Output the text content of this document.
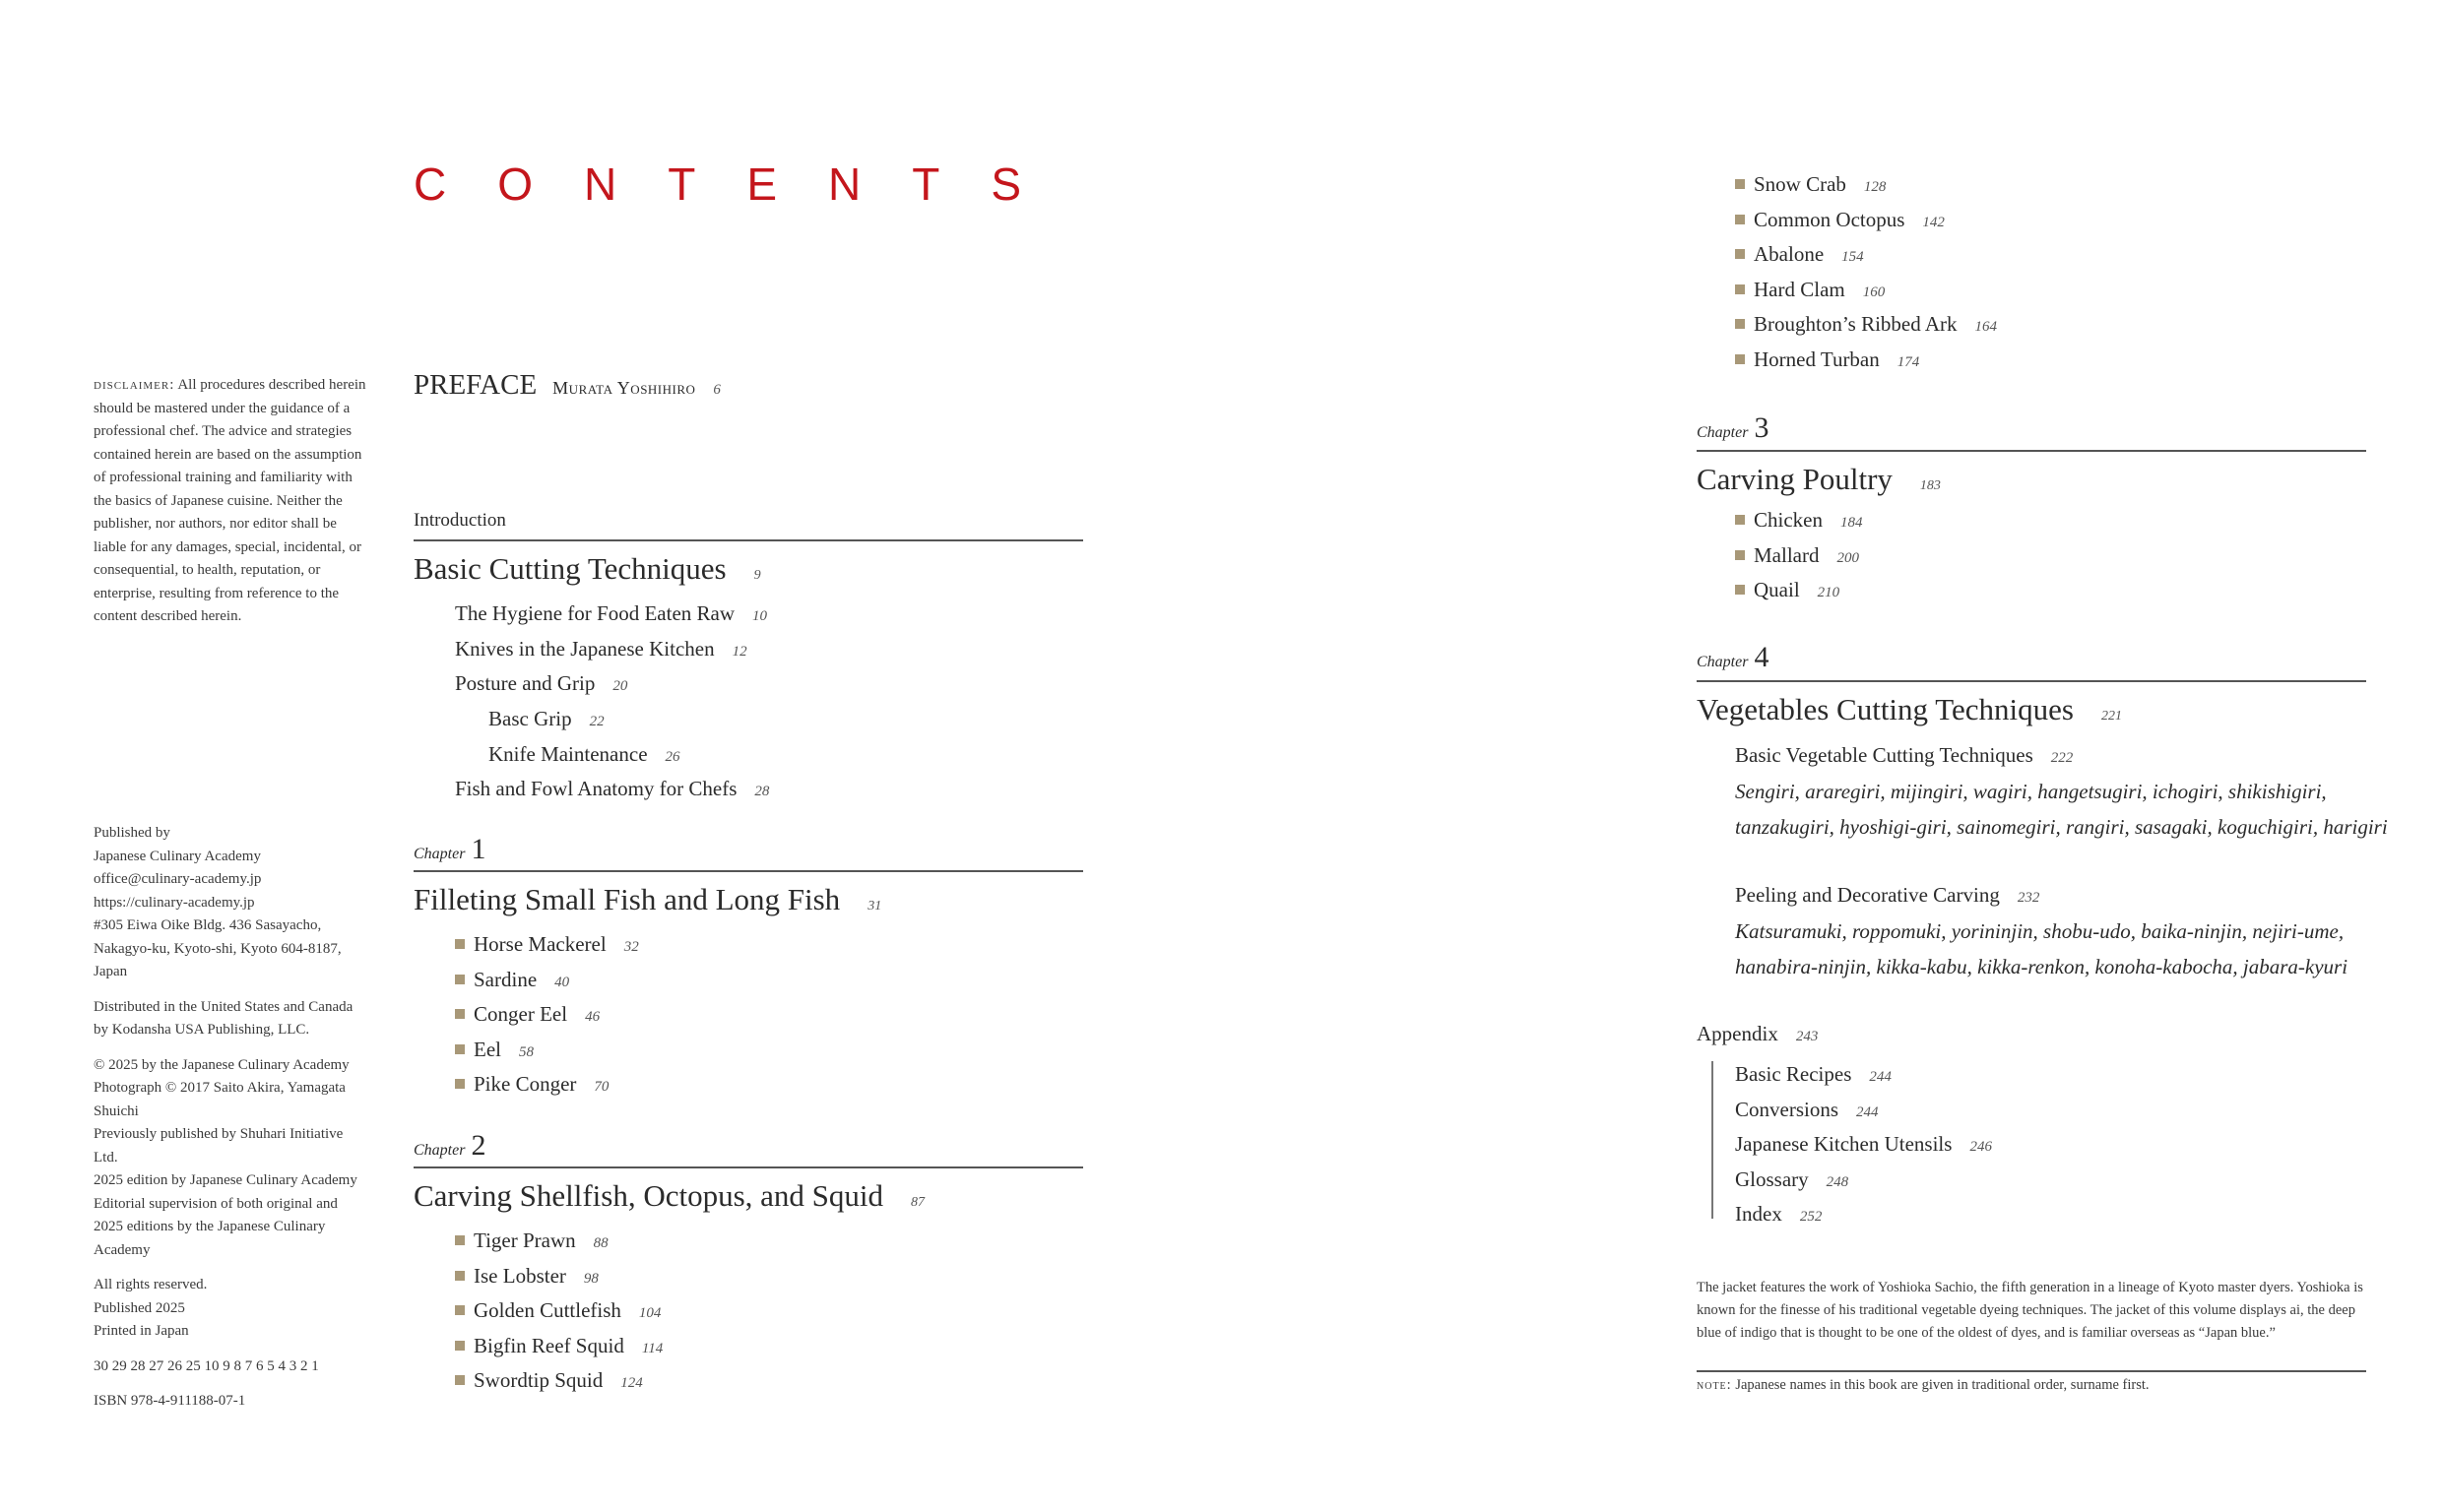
CONTENTS

disclaimer: All procedures described herein should be mastered under the guidance of a professional chef. The advice and strategies contained herein are based on the assumption of professional training and familiarity with the basics of Japanese cuisine. Neither the publisher, nor authors, nor editor shall be liable for any damages, special, incidental, or consequential, to health, reputation, or enterprise, resulting from reference to the content described herein.

Published by
Japanese Culinary Academy
office@culinary-academy.jp
https://culinary-academy.jp
#305 Eiwa Oike Bldg. 436 Sasayacho, Nakagyo-ku, Kyoto-shi, Kyoto 604-8187, Japan

Distributed in the United States and Canada by Kodansha USA Publishing, LLC.

© 2025 by the Japanese Culinary Academy
Photograph © 2017 Saito Akira, Yamagata Shuichi
Previously published by Shuhari Initiative Ltd.
2025 edition by Japanese Culinary Academy
Editorial supervision of both original and 2025 editions by the Japanese Culinary Academy

All rights reserved.
Published 2025
Printed in Japan

30 29 28 27 26 25 10 9 8 7 6 5 4 3 2 1

ISBN 978-4-911188-07-1

PREFACE Murata Yoshihiro 6
Introduction
Basic Cutting Techniques 9
The Hygiene for Food Eaten Raw 10
Knives in the Japanese Kitchen 12
Posture and Grip 20
Basc Grip 22
Knife Maintenance 26
Fish and Fowl Anatomy for Chefs 28
Chapter 1
Filleting Small Fish and Long Fish 31
Horse Mackerel 32
Sardine 40
Conger Eel 46
Eel 58
Pike Conger 70
Chapter 2
Carving Shellfish, Octopus, and Squid 87
Tiger Prawn 88
Ise Lobster 98
Golden Cuttlefish 104
Bigfin Reef Squid 114
Swordtip Squid 124
Snow Crab 128
Common Octopus 142
Abalone 154
Hard Clam 160
Broughton’s Ribbed Ark 164
Horned Turban 174
Chapter 3
Carving Poultry 183
Chicken 184
Mallard 200
Quail 210
Chapter 4
Vegetables Cutting Techniques 221
Basic Vegetable Cutting Techniques 222
Sengiri, araregiri, mijingiri, wagiri, hangetsugiri, ichogiri, shikishigiri,
tanzakugiri, hyoshigi-giri, sainomegiri, rangiri, sasagaki, koguchigiri, harigiri
Peeling and Decorative Carving 232
Katsuramuki, roppomuki, yorininjin, shobu-udo, baika-ninjin, nejiri-ume,
hanabira-ninjin, kikka-kabu, kikka-renkon, konoha-kabocha, jabara-kyuri
Appendix 243
Basic Recipes 244
Conversions 244
Japanese Kitchen Utensils 246
Glossary 248
Index 252
The jacket features the work of Yoshioka Sachio, the fifth generation in a lineage of Kyoto master dyers. Yoshioka is known for the finesse of his traditional vegetable dyeing techniques. The jacket of this volume displays ai, the deep blue of indigo that is thought to be one of the oldest of dyes, and is familiar overseas as “Japan blue.”
note: Japanese names in this book are given in traditional order, surname first.
